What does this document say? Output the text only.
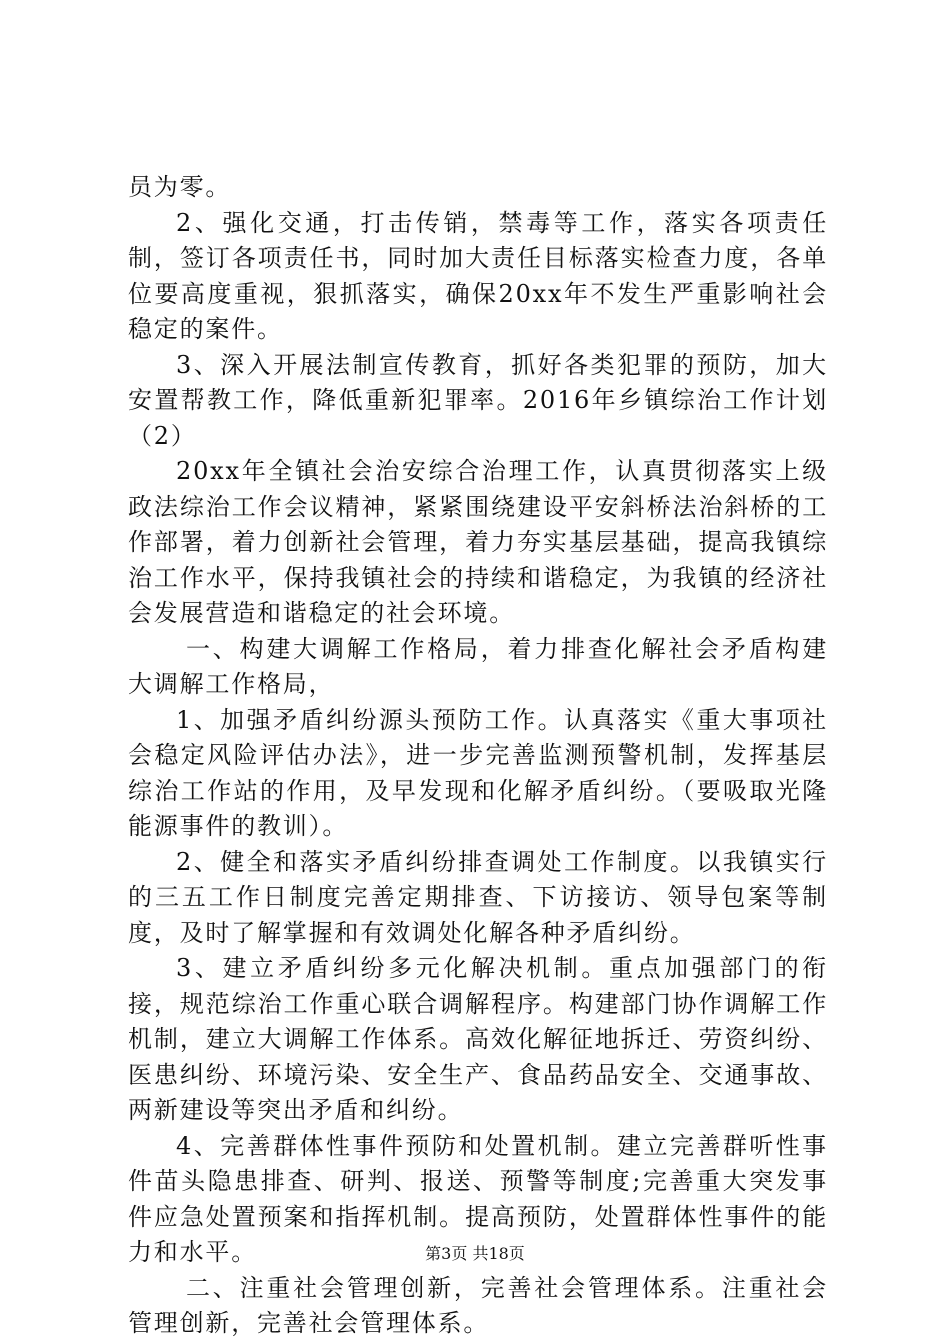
员为零。

2、强化交通，打击传销，禁毒等工作，落实各项责任制，签订各项责任书，同时加大责任目标落实检查力度，各单位要高度重视，狠抓落实，确保20xx年不发生严重影响社会稳定的案件。

3、深入开展法制宣传教育，抓好各类犯罪的预防，加大安置帮教工作，降低重新犯罪率。2016年乡镇综治工作计划（2）

20xx年全镇社会治安综合治理工作，认真贯彻落实上级政法综治工作会议精神，紧紧围绕建设平安斜桥法治斜桥的工作部署，着力创新社会管理，着力夯实基层基础，提高我镇综治工作水平，保持我镇社会的持续和谐稳定，为我镇的经济社会发展营造和谐稳定的社会环境。

一、构建大调解工作格局，着力排查化解社会矛盾构建大调解工作格局，

1、加强矛盾纠纷源头预防工作。认真落实《重大事项社会稳定风险评估办法》，进一步完善监测预警机制，发挥基层综治工作站的作用，及早发现和化解矛盾纠纷。（要吸取光隆能源事件的教训）。

2、健全和落实矛盾纠纷排查调处工作制度。以我镇实行的三五工作日制度完善定期排查、下访接访、领导包案等制度，及时了解掌握和有效调处化解各种矛盾纠纷。

3、建立矛盾纠纷多元化解决机制。重点加强部门的衔接，规范综治工作重心联合调解程序。构建部门协作调解工作机制，建立大调解工作体系。高效化解征地拆迁、劳资纠纷、医患纠纷、环境污染、安全生产、食品药品安全、交通事故、两新建设等突出矛盾和纠纷。

4、完善群体性事件预防和处置机制。建立完善群听性事件苗头隐患排查、研判、报送、预警等制度;完善重大突发事件应急处置预案和指挥机制。提高预防，处置群体性事件的能力和水平。

二、注重社会管理创新，完善社会管理体系。注重社会管理创新，完善社会管理体系。

第3页 共18页
